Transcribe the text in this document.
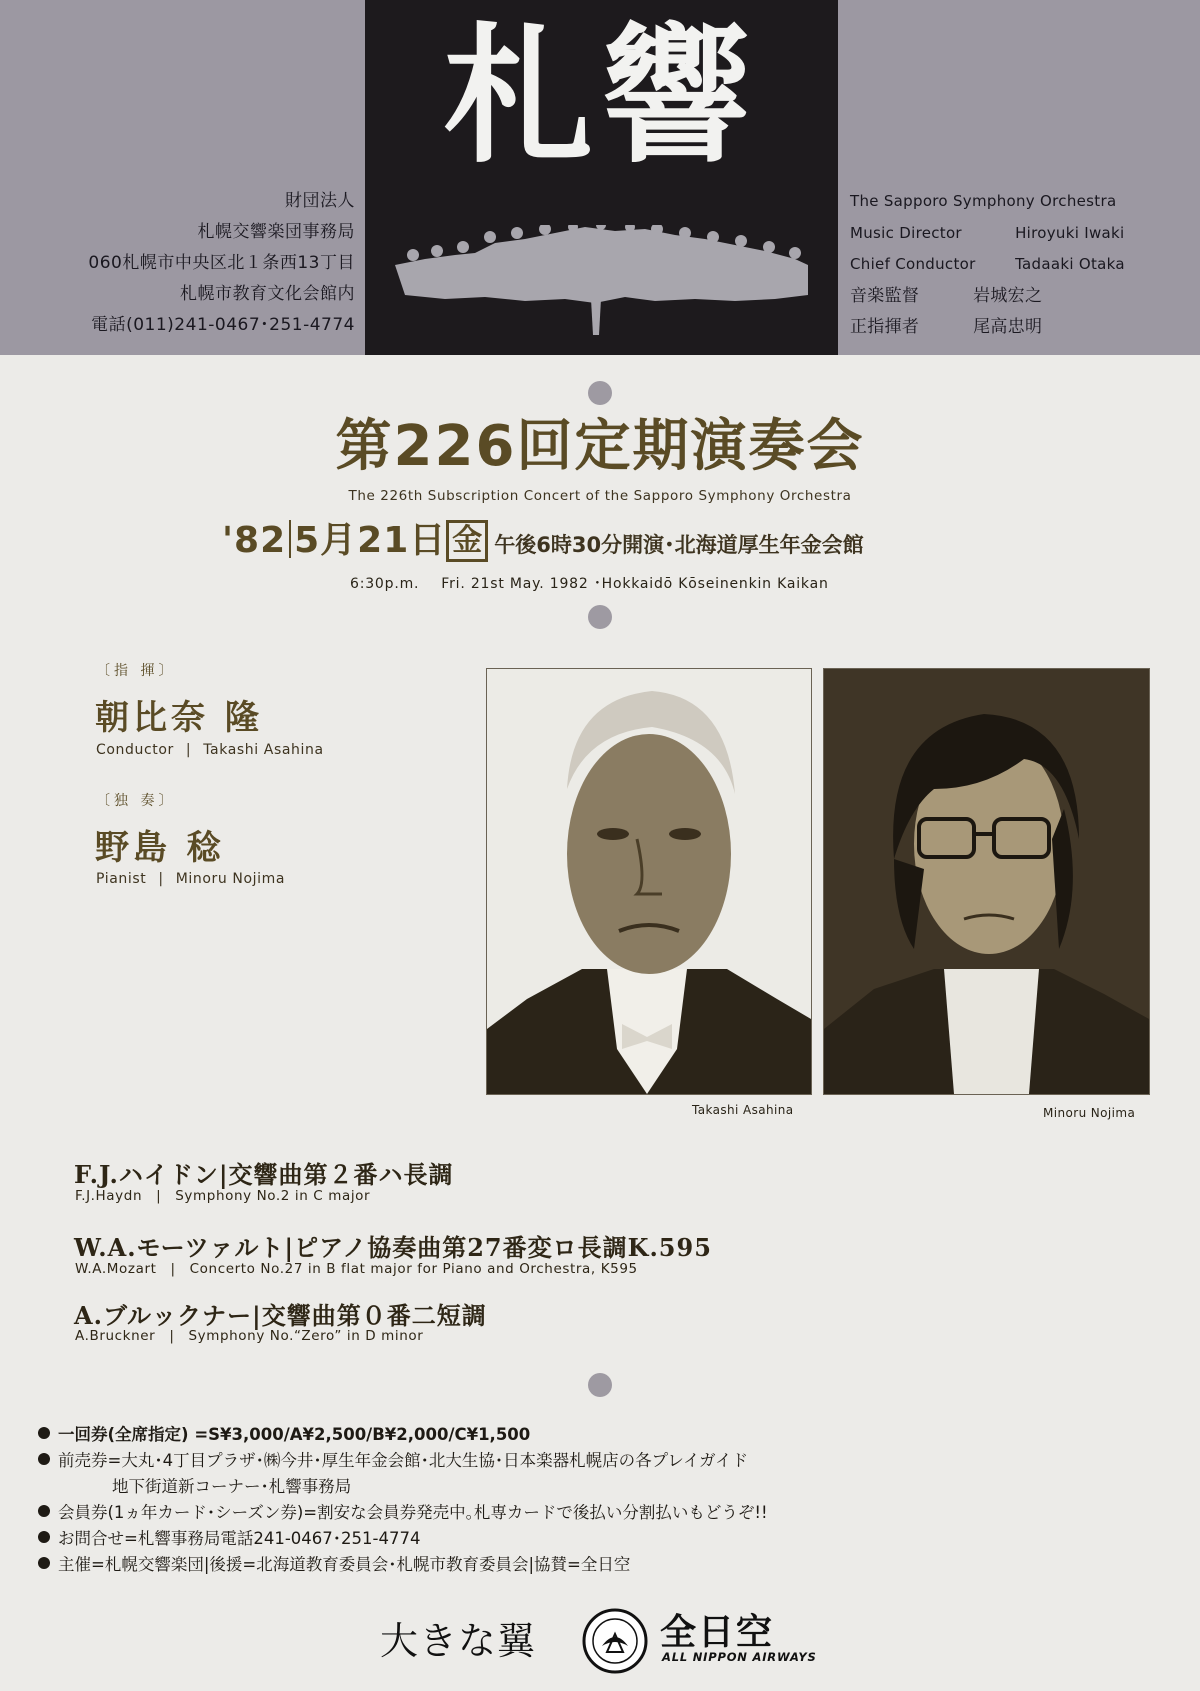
財団法人
札幌交響楽団事務局
060札幌市中央区北１条西13丁目
札幌市教育文化会館内
電話(011)241-0467･251-4774
札響
The Sapporo Symphony Orchestra
Music Director	Hiroyuki Iwaki
Chief Conductor	Tadaaki Otaka
音楽監督	岩城宏之
正指揮者	尾高忠明
第226回定期演奏会
The 226th Subscription Concert of the Sapporo Symphony Orchestra
'82 5月21日 金 午後6時30分開演･北海道厚生年金会館
6:30p.m. Fri. 21st May. 1982 ･Hokkaidō Kōseinenkin Kaikan
〔指 揮〕
朝比奈 隆
Conductor | Takashi Asahina
〔独 奏〕
野島 稔
Pianist | Minoru Nojima
Takashi Asahina	Minoru Nojima
F.J.ハイドン|交響曲第２番ハ長調
F.J.Haydn | Symphony No.2 in C major
W.A.モーツァルト|ピアノ協奏曲第27番変ロ長調K.595
W.A.Mozart | Concerto No.27 in B flat major for Piano and Orchestra, K595
A.ブルックナー|交響曲第０番二短調
A.Bruckner | Symphony No.“Zero” in D minor
一回券(全席指定) =S¥3,000/A¥2,500/B¥2,000/C¥1,500
前売券=大丸･4丁目プラザ･㈱今井･厚生年金会館･北大生協･日本楽器札幌店の各プレイガイド
地下街道新コーナー･札響事務局
会員券(1ヵ年カード･シーズン券)=割安な会員券発売中｡札専カードで後払い分割払いもどうぞ!!
お問合せ=札響事務局電話241-0467･251-4774
主催=札幌交響楽団|後援=北海道教育委員会･札幌市教育委員会|協賛=全日空
大きな翼	全日空
ALL NIPPON AIRWAYS
